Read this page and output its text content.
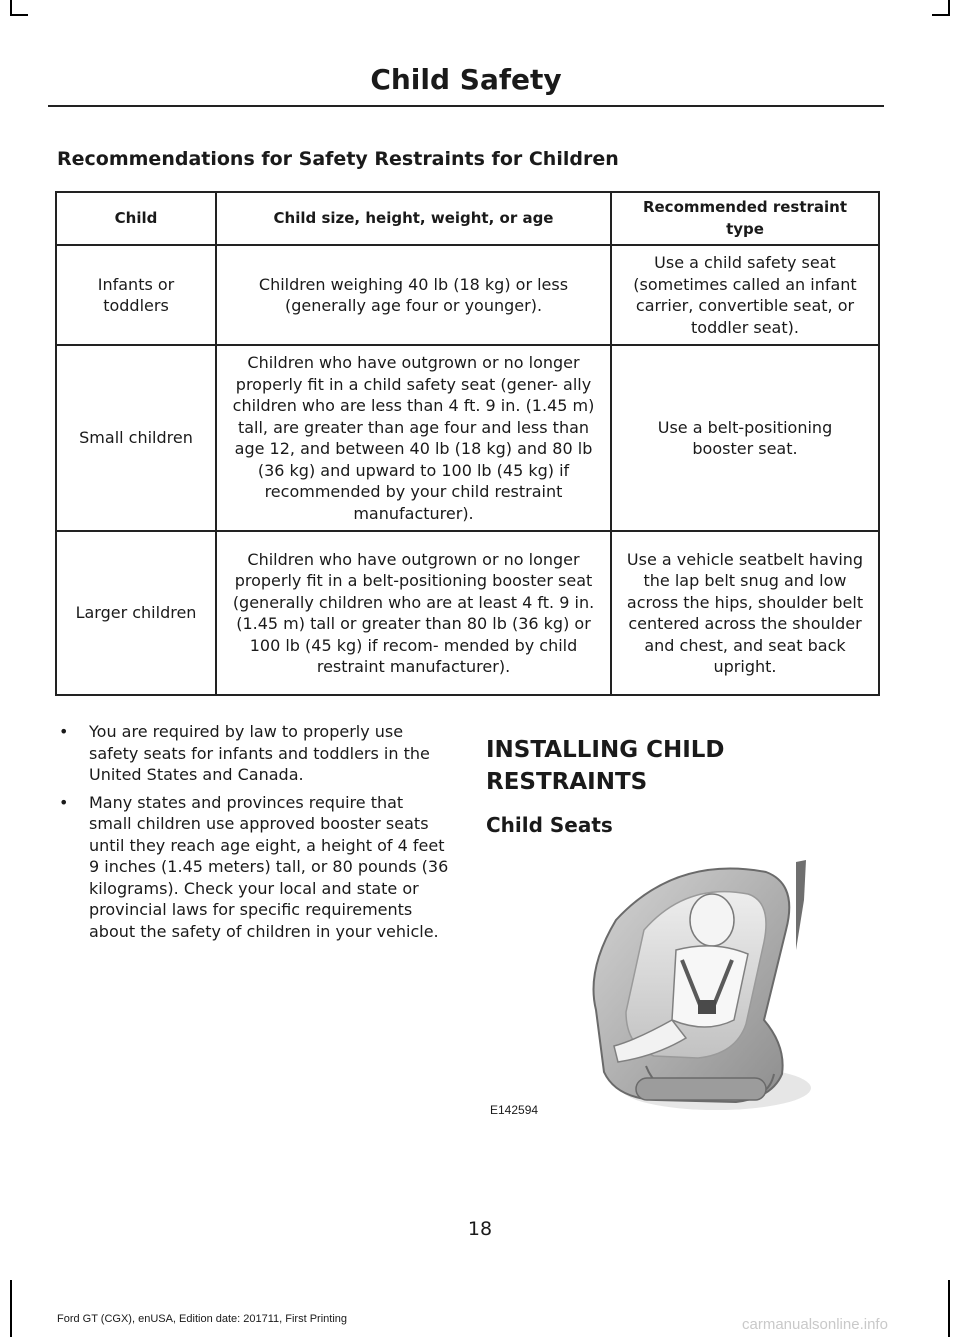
Child Safety
Recommendations for Safety Restraints for Children
Child	Child size, height, weight, or age	Recommended restraint type
Infants or toddlers	Children weighing 40 lb (18 kg) or less (generally age four or younger).	Use a child safety seat (sometimes called an infant carrier, convertible seat, or toddler seat).
Small children	Children who have outgrown or no longer properly fit in a child safety seat (gener- ally children who are less than 4 ft. 9 in. (1.45 m) tall, are greater than age four and less than age 12, and between 40 lb (18 kg) and 80 lb (36 kg) and upward to 100 lb (45 kg) if recommended by your child restraint manufacturer).	Use a belt-positioning booster seat.
Larger children	Children who have outgrown or no longer properly fit in a belt-positioning booster seat (generally children who are at least 4 ft. 9 in. (1.45 m) tall or greater than 80 lb (36 kg) or 100 lb (45 kg) if recom- mended by child restraint manufacturer).	Use a vehicle seatbelt having the lap belt snug and low across the hips, shoulder belt centered across the shoulder and chest, and seat back upright.
• You are required by law to properly use safety seats for infants and toddlers in the United States and Canada.
• Many states and provinces require that small children use approved booster seats until they reach age eight, a height of 4 feet 9 inches (1.45 meters) tall, or 80 pounds (36 kilograms). Check your local and state or provincial laws for specific requirements about the safety of children in your vehicle.
INSTALLING CHILD RESTRAINTS
Child Seats
E142594
18
Ford GT (CGX), enUSA, Edition date: 201711, First Printing	carmanualsonline.info
